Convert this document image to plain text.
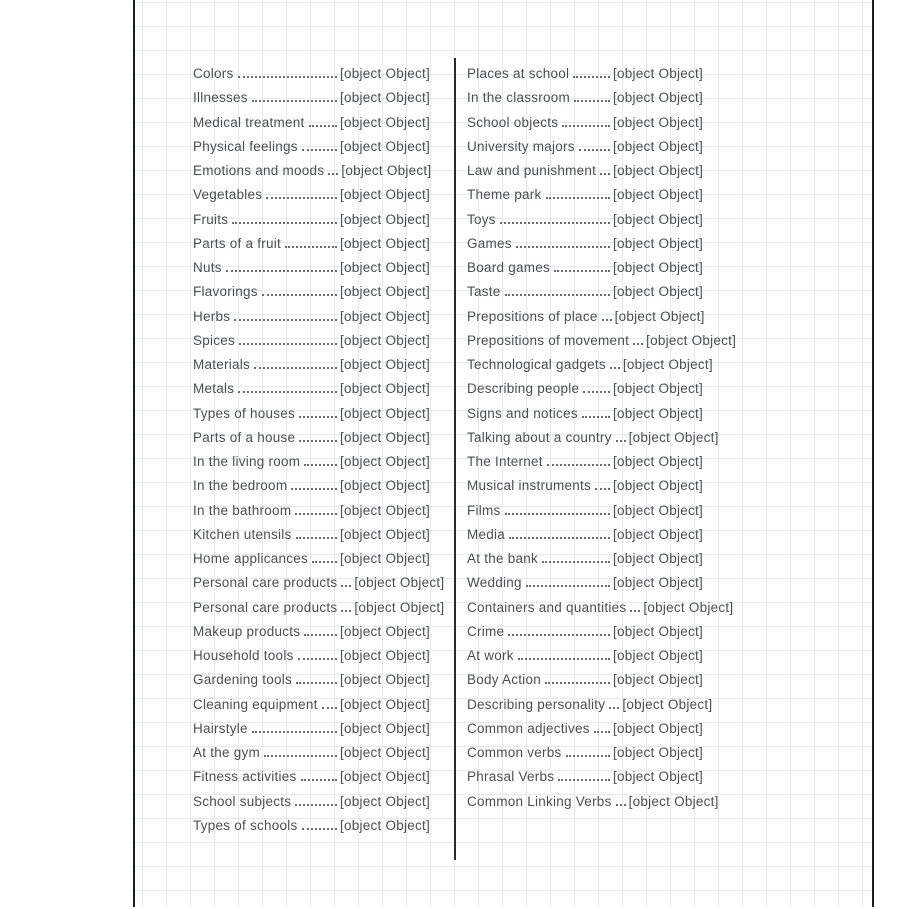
Colors	[object Object]
Illnesses	[object Object]
Medical treatment	[object Object]
Physical feelings	[object Object]
Emotions and moods [object Object]
Vegetables	[object Object]
Fruits	[object Object]
Parts of a fruit	[object Object]
Nuts	[object Object]
Flavorings	[object Object]
Herbs	[object Object]
Spices	[object Object]
Materials	[object Object]
Metals	[object Object]
Types of houses	[object Object]
Parts of a house	[object Object]
In the living room	[object Object]
In the bedroom	[object Object]
In the bathroom	[object Object]
Kitchen utensils	[object Object]
Home applicances [object Object]
Personal care products [object Object]
Personal care products [object Object]
Makeup products	[object Object]
Household tools	[object Object]
Gardening tools	[object Object]
Cleaning equipment [object Object]
Hairstyle	[object Object]
At the gym	[object Object]
Fitness activities	[object Object]
School subjects	[object Object]
Types of schools	[object Object]
Places at school	[object Object]
In the classroom	[object Object]
School objects	[object Object]
University majors	[object Object]
Law and punishment [object Object]
Theme park	[object Object]
Toys	[object Object]
Games	[object Object]
Board games	[object Object]
Taste	[object Object]
Prepositions of place [object Object]
Prepositions of movement [object Object]
Technological gadgets [object Object]
Describing people [object Object]
Signs and notices	[object Object]
Talking about a country [object Object]
The Internet	[object Object]
Musical instruments [object Object]
Films	[object Object]
Media	[object Object]
At the bank	[object Object]
Wedding	[object Object]
Containers and quantities [object Object]
Crime	[object Object]
At work	[object Object]
Body Action	[object Object]
Describing personality [object Object]
Common adjectives [object Object]
Common verbs	[object Object]
Phrasal Verbs	[object Object]
Common Linking Verbs [object Object]
